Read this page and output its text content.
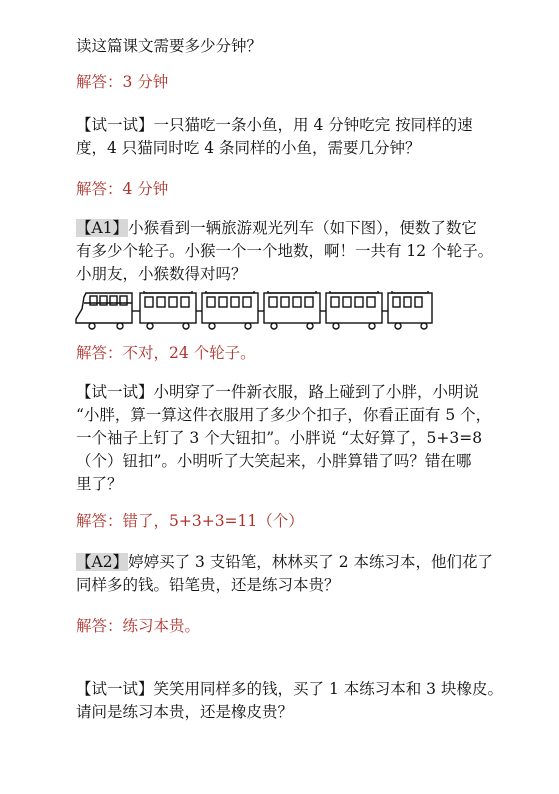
读这篇课文需要多少分钟？
解答：3 分钟
【试一试】一只猫吃一条小鱼，用 4 分钟吃完 按同样的速
度，4 只猫同时吃 4 条同样的小鱼，需要几分钟？
解答：4 分钟
【A1】小猴看到一辆旅游观光列车（如下图），便数了数它
有多少个轮子。小猴一个一个地数，啊！一共有 12 个轮子。
小朋友，小猴数得对吗？
解答：不对，24 个轮子。
【试一试】小明穿了一件新衣服，路上碰到了小胖，小明说
“小胖，算一算这件衣服用了多少个扣子，你看正面有 5 个，
一个袖子上钉了 3 个大钮扣”。小胖说 “太好算了，5+3=8
（个）钮扣”。小明听了大笑起来，小胖算错了吗？错在哪
里了？
解答：错了，5+3+3=11（个）
【A2】婷婷买了 3 支铅笔，林林买了 2 本练习本，他们花了
同样多的钱。铅笔贵，还是练习本贵？
解答：练习本贵。
【试一试】笑笑用同样多的钱，买了 1 本练习本和 3 块橡皮。
请问是练习本贵，还是橡皮贵？
